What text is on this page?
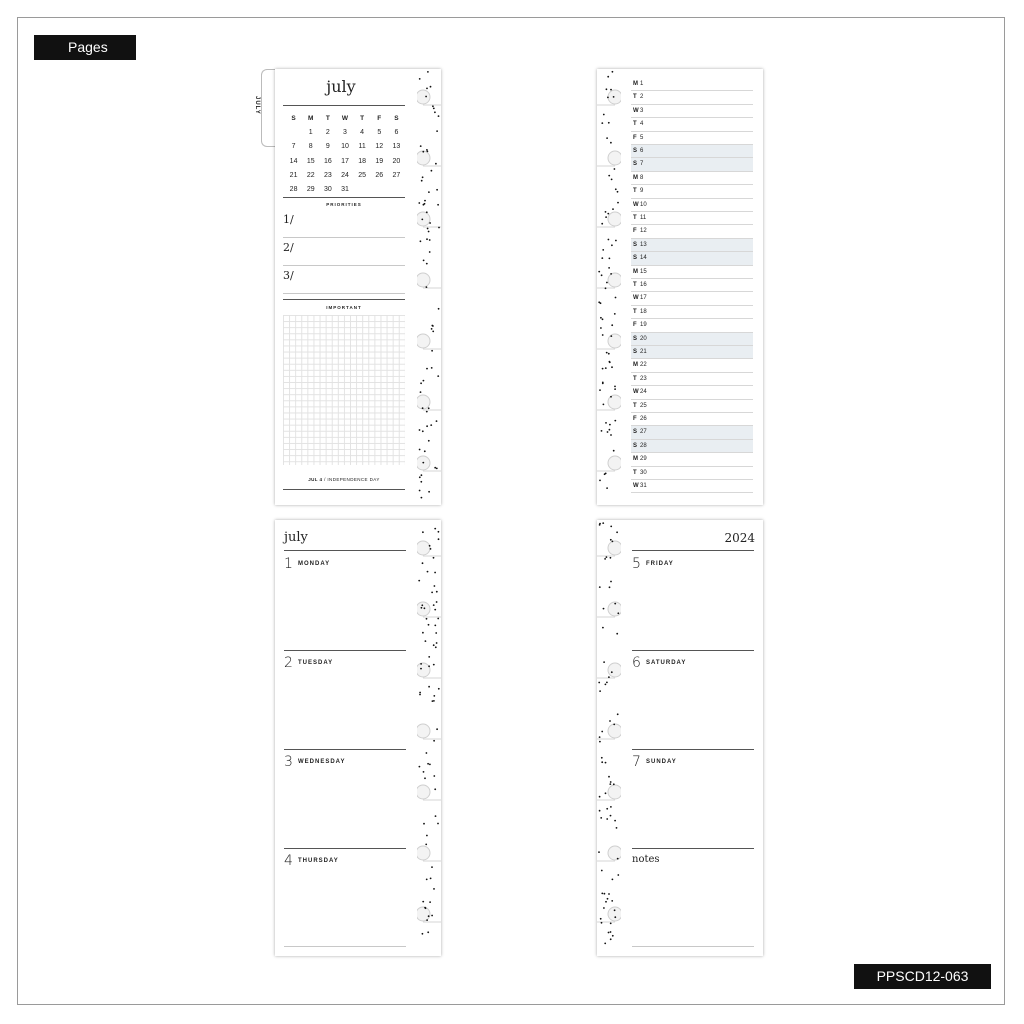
Pages
JULY
july
S	M	T	W	T	F	S
	1	2	3	4	5	6
7	8	9	10	11	12	13
14	15	16	17	18	19	20
21	22	23	24	25	26	27
28	29	30	31			
PRIORITIES
1/
2/
3/
IMPORTANT
JUL 4 / INDEPENDENCE DAY
M 1
T 2
W3
T 4
F 5
S 6
S 7
M 8
T 9
W10
T 11
F 12
S 13
S 14
M 15
T 16
W17
T 18
F 19
S 20
S 21
M 22
T 23
W24
T 25
F 26
S 27
S 28
M 29
T 30
W31
july
1 MONDAY
2 TUESDAY
3 WEDNESDAY
4 THURSDAY
2024
5 FRIDAY
6 SATURDAY
7 SUNDAY
notes
PPSCD12-063
